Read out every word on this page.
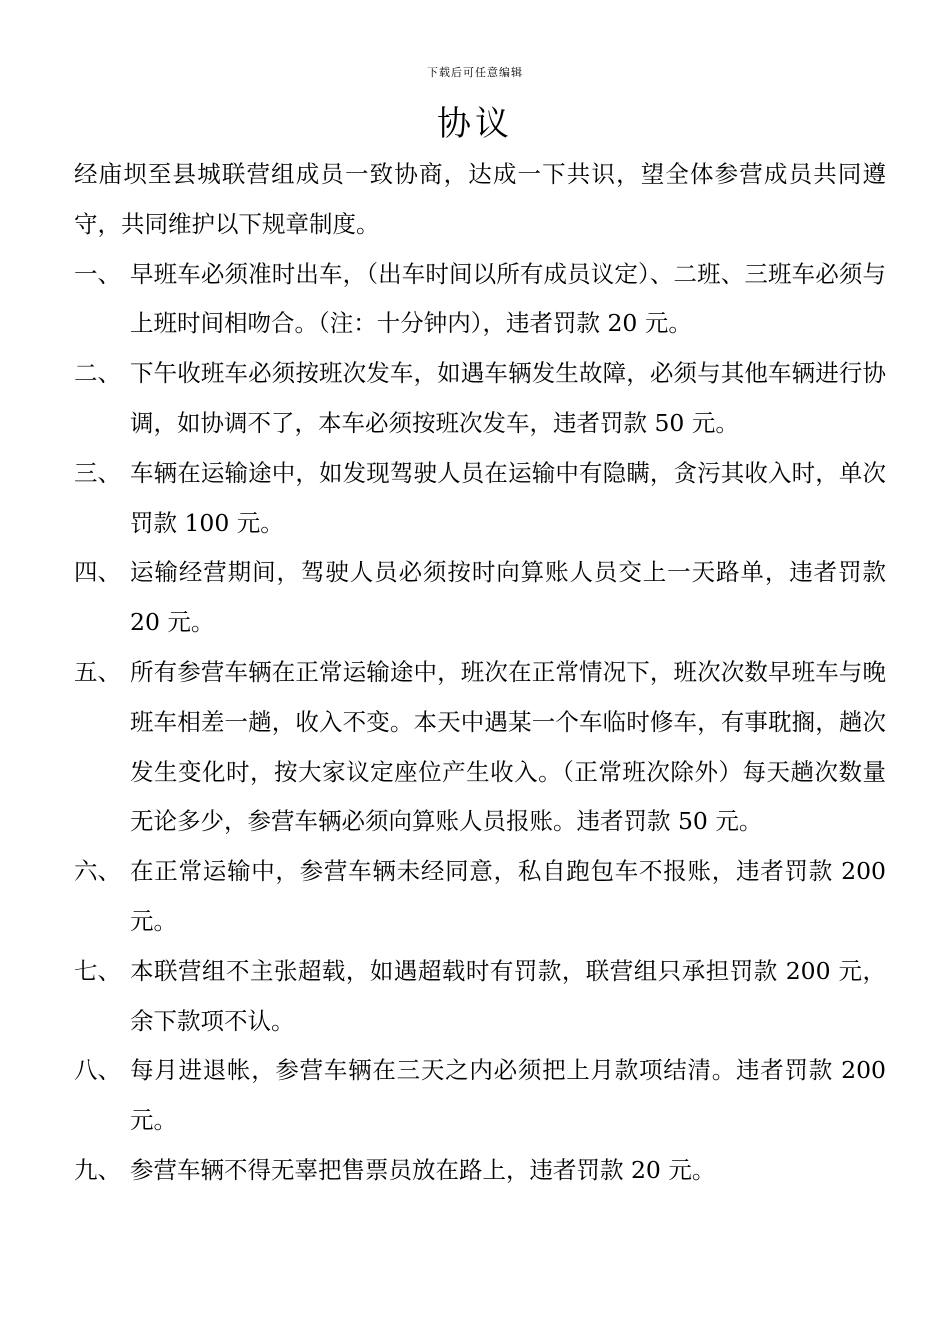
下载后可任意编辑
协议

经庙坝至县城联营组成员一致协商，达成一下共识，望全体参营成员共同遵守，共同维护以下规章制度。

一、 早班车必须准时出车，（出车时间以所有成员议定）、二班、三班车必须与上班时间相吻合。（注：十分钟内），违者罚款 20 元。
二、 下午收班车必须按班次发车，如遇车辆发生故障，必须与其他车辆进行协调，如协调不了，本车必须按班次发车，违者罚款 50 元。
三、 车辆在运输途中，如发现驾驶人员在运输中有隐瞒，贪污其收入时，单次罚款 100 元。
四、 运输经营期间，驾驶人员必须按时向算账人员交上一天路单，违者罚款 20 元。
五、 所有参营车辆在正常运输途中，班次在正常情况下，班次次数早班车与晚班车相差一趟，收入不变。本天中遇某一个车临时修车，有事耽搁，趟次发生变化时，按大家议定座位产生收入。（正常班次除外）每天趟次数量无论多少，参营车辆必须向算账人员报账。违者罚款 50 元。
六、 在正常运输中，参营车辆未经同意，私自跑包车不报账，违者罚款 200 元。
七、 本联营组不主张超载，如遇超载时有罚款，联营组只承担罚款 200 元，余下款项不认。
八、 每月进退帐，参营车辆在三天之内必须把上月款项结清。违者罚款 200 元。
九、 参营车辆不得无辜把售票员放在路上，违者罚款 20 元。
